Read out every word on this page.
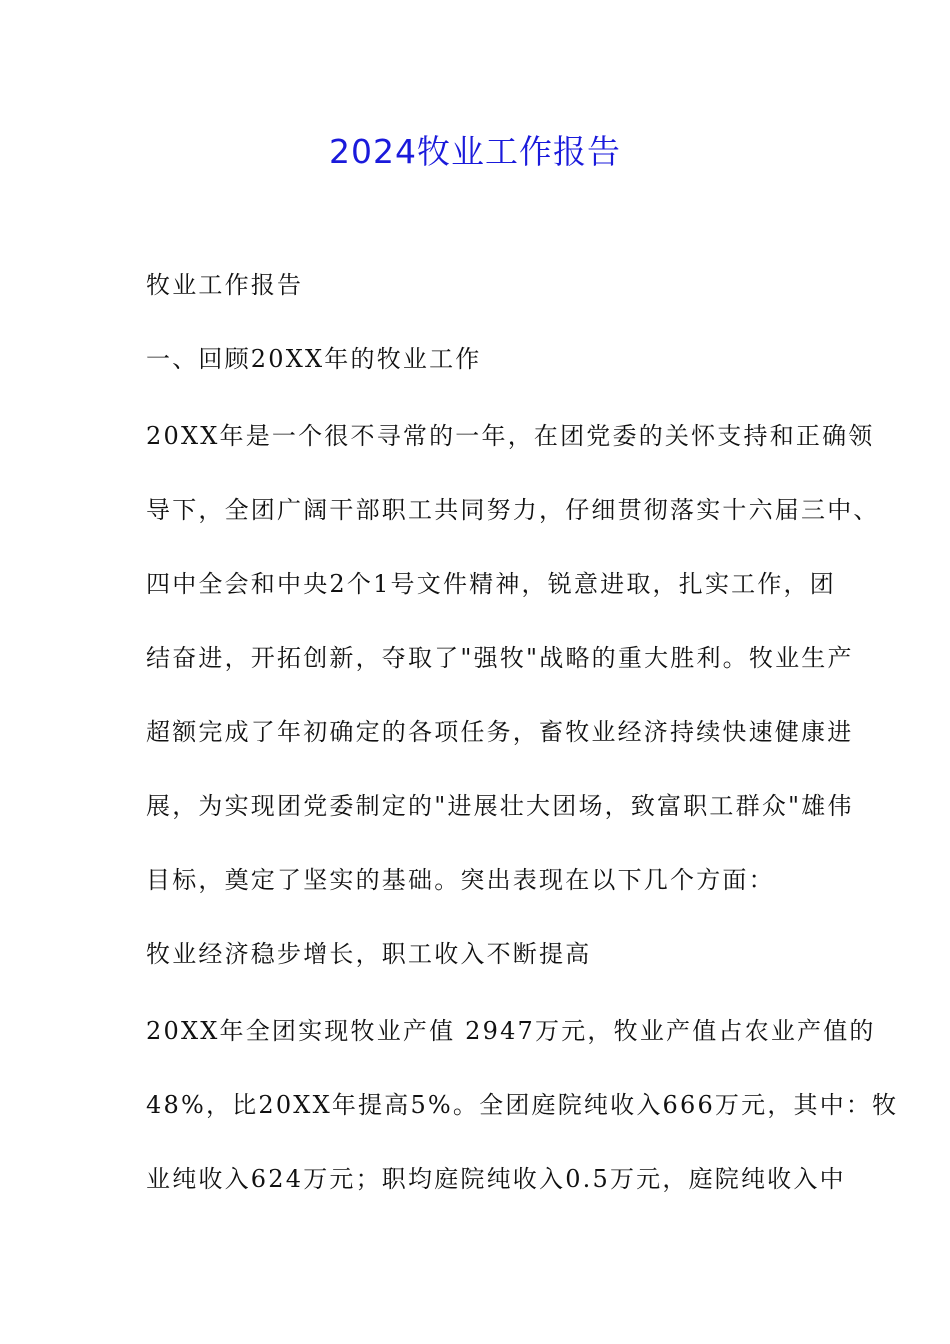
2024牧业工作报告
牧业工作报告
一、回顾20XX年的牧业工作
20XX年是一个很不寻常的一年，在团党委的关怀支持和正确领
导下，全团广阔干部职工共同努力，仔细贯彻落实十六届三中、
四中全会和中央2个1号文件精神，锐意进取，扎实工作，团
结奋进，开拓创新，夺取了"强牧"战略的重大胜利。牧业生产
超额完成了年初确定的各项任务，畜牧业经济持续快速健康进
展，为实现团党委制定的"进展壮大团场，致富职工群众"雄伟
目标，奠定了坚实的基础。突出表现在以下几个方面：
牧业经济稳步增长，职工收入不断提高
20XX年全团实现牧业产值 2947万元，牧业产值占农业产值的
48%，比20XX年提高5%。全团庭院纯收入666万元，其中：牧
业纯收入624万元；职均庭院纯收入0.5万元，庭院纯收入中
